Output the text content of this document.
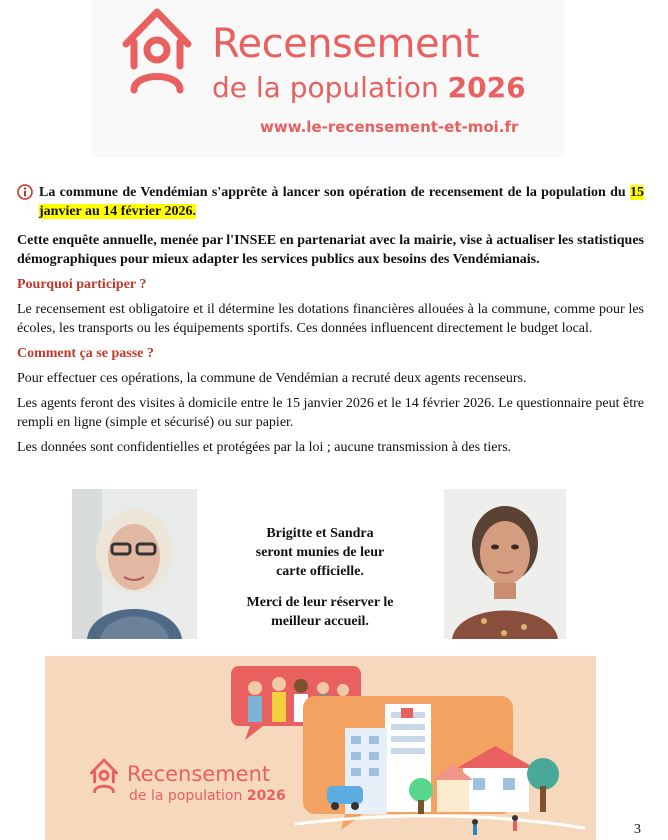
Recensement
de la population 2026
www.le-recensement-et-moi.fr

La commune de Vendémian s'apprête à lancer son opération de recensement de la population du 15 janvier au 14 février 2026.

Cette enquête annuelle, menée par l'INSEE en partenariat avec la mairie, vise à actualiser les statistiques démographiques pour mieux adapter les services publics aux besoins des Vendémianais.

Pourquoi participer ?

Le recensement est obligatoire et il détermine les dotations financières allouées à la commune, comme pour les écoles, les transports ou les équipements sportifs. Ces données influencent directement le budget local.

Comment ça se passe ?

Pour effectuer ces opérations, la commune de Vendémian a recruté deux agents recenseurs.

Les agents feront des visites à domicile entre le 15 janvier 2026 et le 14 février 2026. Le questionnaire peut être rempli en ligne (simple et sécurisé) ou sur papier.

Les données sont confidentielles et protégées par la loi ; aucune transmission à des tiers.

Brigitte et Sandra
seront munies de leur
carte officielle.
Merci de leur réserver le
meilleur accueil.
Recensement
de la population 2026
3
